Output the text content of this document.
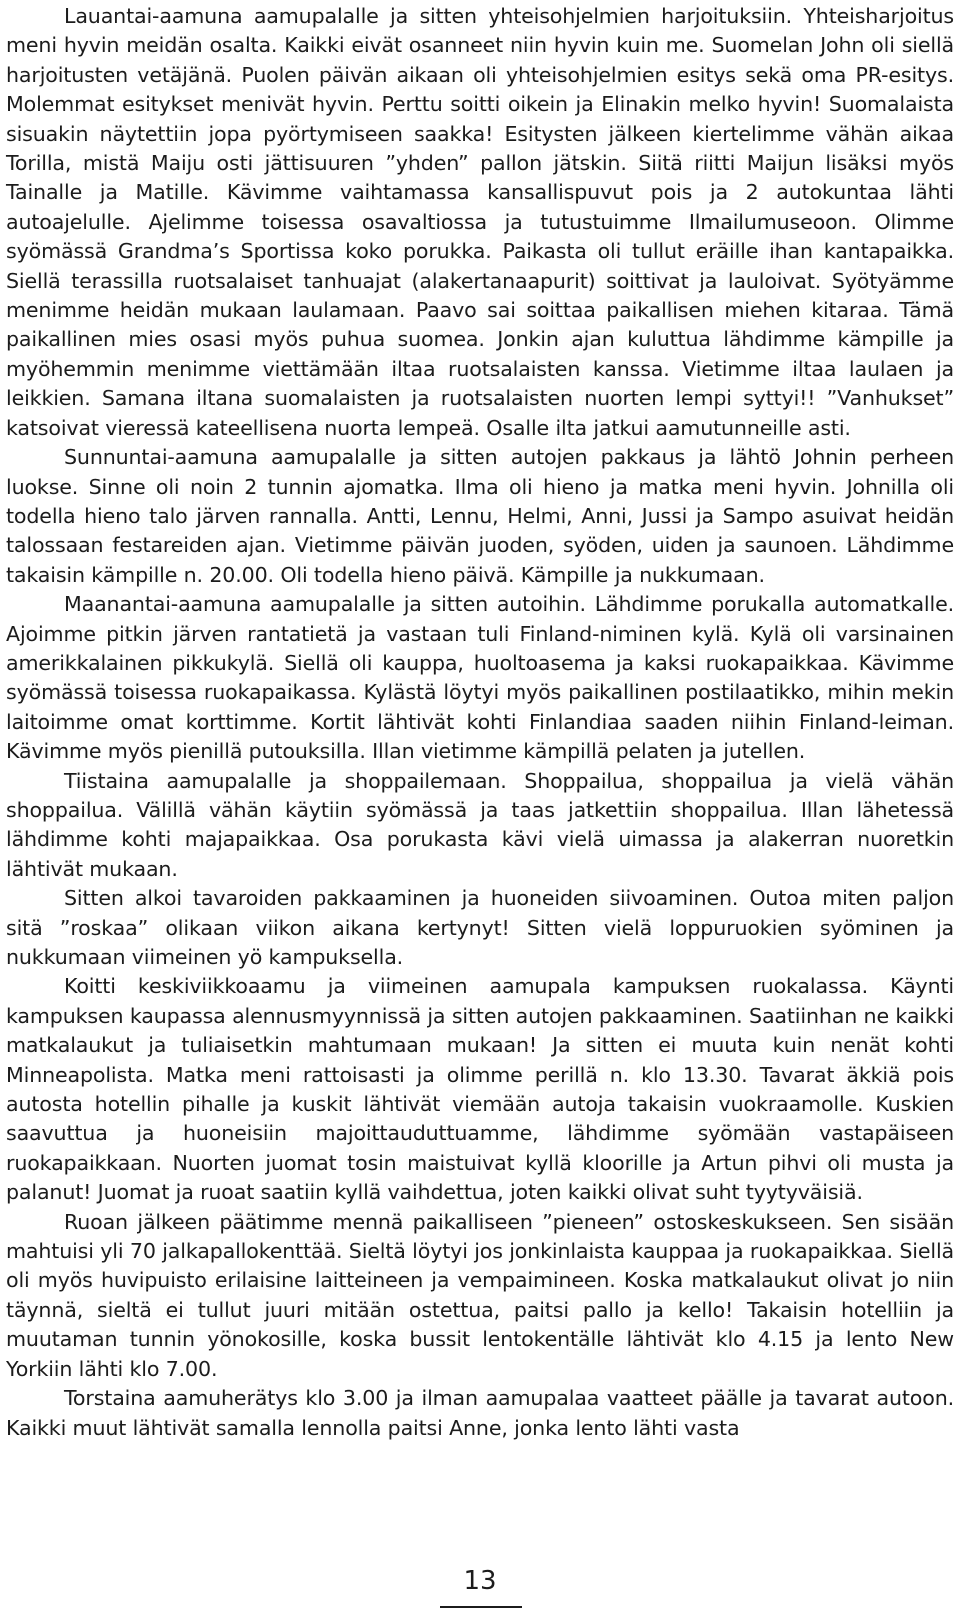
Lauantai-aamuna aamupalalle ja sitten yhteisohjelmien harjoituksiin. Yhteisharjoitus meni hyvin meidän osalta. Kaikki eivät osanneet niin hyvin kuin me. Suomelan John oli siellä harjoitusten vetäjänä. Puolen päivän aikaan oli yhteisohjelmien esitys sekä oma PR-esitys. Molemmat esitykset menivät hyvin. Perttu soitti oikein ja Elinakin melko hyvin! Suomalaista sisuakin näytettiin jopa pyörtymiseen saakka! Esitysten jälkeen kiertelimme vähän aikaa Torilla, mistä Maiju osti jättisuuren ”yhden” pallon jätskin. Siitä riitti Maijun lisäksi myös Tainalle ja Matille. Kävimme vaihtamassa kansallispuvut pois ja 2 autokuntaa lähti autoajelulle. Ajelimme toisessa osavaltiossa ja tutustuimme Ilmailumuseoon. Olimme syömässä Grandma’s Sportissa koko porukka. Paikasta oli tullut eräille ihan kantapaikka. Siellä terassilla ruotsalaiset tanhuajat (alakertanaapurit) soittivat ja lauloivat. Syötyämme menimme heidän mukaan laulamaan. Paavo sai soittaa paikallisen miehen kitaraa. Tämä paikallinen mies osasi myös puhua suomea. Jonkin ajan kuluttua lähdimme kämpille ja myöhemmin menimme viettämään iltaa ruotsalaisten kanssa. Vietimme iltaa laulaen ja leikkien. Samana iltana suomalaisten ja ruotsalaisten nuorten lempi syttyi!! ”Vanhukset” katsoivat vieressä kateellisena nuorta lempeä. Osalle ilta jatkui aamutunneille asti.

Sunnuntai-aamuna aamupalalle ja sitten autojen pakkaus ja lähtö Johnin perheen luokse. Sinne oli noin 2 tunnin ajomatka. Ilma oli hieno ja matka meni hyvin. Johnilla oli todella hieno talo järven rannalla. Antti, Lennu, Helmi, Anni, Jussi ja Sampo asuivat heidän talossaan festareiden ajan. Vietimme päivän juoden, syöden, uiden ja saunoen. Lähdimme takaisin kämpille n. 20.00. Oli todella hieno päivä. Kämpille ja nukkumaan.

Maanantai-aamuna aamupalalle ja sitten autoihin. Lähdimme porukalla automatkalle. Ajoimme pitkin järven rantatietä ja vastaan tuli Finland-niminen kylä. Kylä oli varsinainen amerikkalainen pikkukylä. Siellä oli kauppa, huoltoasema ja kaksi ruokapaikkaa. Kävimme syömässä toisessa ruokapaikassa. Kylästä löytyi myös paikallinen postilaatikko, mihin mekin laitoimme omat korttimme. Kortit lähtivät kohti Finlandiaa saaden niihin Finland-leiman. Kävimme myös pienillä putouksilla. Illan vietimme kämpillä pelaten ja jutellen.

Tiistaina aamupalalle ja shoppailemaan. Shoppailua, shoppailua ja vielä vähän shoppailua. Välillä vähän käytiin syömässä ja taas jatkettiin shoppailua. Illan lähetessä lähdimme kohti majapaikkaa. Osa porukasta kävi vielä uimassa ja alakerran nuoretkin lähtivät mukaan.

Sitten alkoi tavaroiden pakkaaminen ja huoneiden siivoaminen. Outoa miten paljon sitä ”roskaa” olikaan viikon aikana kertynyt! Sitten vielä loppuruokien syöminen ja nukkumaan viimeinen yö kampuksella.

Koitti keskiviikkoaamu ja viimeinen aamupala kampuksen ruokalassa. Käynti kampuksen kaupassa alennusmyynnissä ja sitten autojen pakkaaminen. Saatiinhan ne kaikki matkalaukut ja tuliaisetkin mahtumaan mukaan! Ja sitten ei muuta kuin nenät kohti Minneapolista. Matka meni rattoisasti ja olimme perillä n. klo 13.30. Tavarat äkkiä pois autosta hotellin pihalle ja kuskit lähtivät viemään autoja takaisin vuokraamolle. Kuskien saavuttua ja huoneisiin majoittauduttuamme, lähdimme syömään vastapäiseen ruokapaikkaan. Nuorten juomat tosin maistuivat kyllä kloorille ja Artun pihvi oli musta ja palanut! Juomat ja ruoat saatiin kyllä vaihdettua, joten kaikki olivat suht tyytyväisiä.

Ruoan jälkeen päätimme mennä paikalliseen ”pieneen” ostoskeskukseen. Sen sisään mahtuisi yli 70 jalkapallokenttää. Sieltä löytyi jos jonkinlaista kauppaa ja ruokapaikkaa. Siellä oli myös huvipuisto erilaisine laitteineen ja vempaimineen. Koska matkalaukut olivat jo niin täynnä, sieltä ei tullut juuri mitään ostettua, paitsi pallo ja kello! Takaisin hotelliin ja muutaman tunnin yönokosille, koska bussit lentokentälle lähtivät klo 4.15 ja lento New Yorkiin lähti klo 7.00.

Torstaina aamuherätys klo 3.00 ja ilman aamupalaa vaatteet päälle ja tavarat autoon. Kaikki muut lähtivät samalla lennolla paitsi Anne, jonka lento lähti vasta

13
